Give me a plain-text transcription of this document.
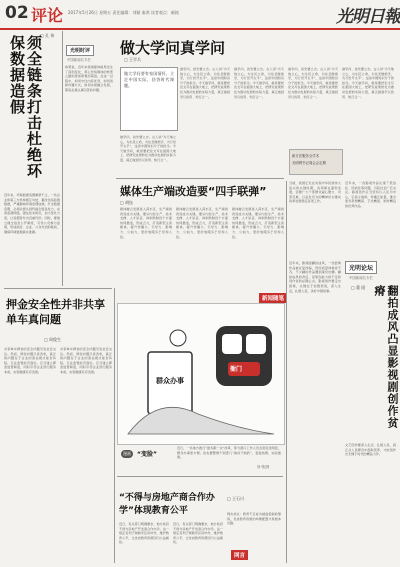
02 评论 2017年5月26日 星期五 责任编辑：刘颖 秦鸿 读者观点：邮箱	光明日報
□ 孔 伟
须全链条打击杜绝环保数据造假
近年来，环保数据造假屡禁不止，一些企业和第三方机构相互勾结，篡改伪造监测数据，严重影响环境治理成效。打击数据造假，必须从源头到终端全链条发力，完善监测网络，强化技术防范，加大惩处力度，让造假者付出沉重代价。同时，要建立健全信息公开制度，引导公众参与监督，形成政府、企业、公众共治的格局，确保环境数据真实准确。
光明时评
中国新闻名专栏
如果说，近年来我国媒体格局发生了深刻变化，那么传统媒体的转型之路则更加艰难而紧迫。在这一过程中，如何守住内容优势，如何创新传播方式，如何实现融合发展，都是必须认真回答的问题。
做大学问真学问
□ 王学兵
做大学问要有家国情怀，立足中国实际，回答时代课题。
做学问，首先要立志。古人讲“为天地立心，为生民立命，为往圣继绝学，为万世开太平”，这是中国知识分子的担当。今天做学问，就是要把论文写在祖国大地上，把研究成果转化为推动发展的实际力量，真正做到学以致用、知行合一。
做学问，首先要立志。古人讲“为天地立心，为生民立命，为往圣继绝学，为万世开太平”，这是中国知识分子的担当。今天做学问，就是要把论文写在祖国大地上，把研究成果转化为推动发展的实际力量，真正做到学以致用、知行合一。
做学问，首先要立志。古人讲“为天地立心，为生民立命，为往圣继绝学，为万世开太平”，这是中国知识分子的担当。今天做学问，就是要把论文写在祖国大地上，把研究成果转化为推动发展的实际力量，真正做到学以致用、知行合一。
做学问，首先要立志。古人讲“为天地立心，为生民立命，为往圣继绝学，为万世开太平”，这是中国知识分子的担当。今天做学问，就是要把论文写在祖国大地上，把研究成果转化为推动发展的实际力量，真正做到学以致用、知行合一。
做学问，首先要立志。古人讲“为天地立心，为生民立命，为往圣继绝学，为万世开太平”，这是中国知识分子的担当。今天做学问，就是要把论文写在祖国大地上，把研究成果转化为推动发展的实际力量，真正做到学以致用、知行合一。
媒体生产端改造要“四手联弹”
□ 胡钰
媒体融合发展进入深水区，生产端的改造成为关键。要从内容生产、技术支撑、人才队伍、体制机制四个方面协同推进，形成合力，打造新型主流媒体，提升传播力、引导力、影响力、公信力，更好地服务于党和人民。
媒体融合发展进入深水区，生产端的改造成为关键。要从内容生产、技术支撑、人才队伍、体制机制四个方面协同推进，形成合力，打造新型主流媒体，提升传播力、引导力、影响力、公信力，更好地服务于党和人民。
媒体融合发展进入深水区，生产端的改造成为关键。要从内容生产、技术支撑、人才队伍、体制机制四个方面协同推进，形成合力，打造新型主流媒体，提升传播力、引导力、影响力、公信力，更好地服务于党和人民。
押金安全性并非共享单车真问题
□ 周俊生
共享单车押金的安全问题引发社会关注。然而，押金问题只是表象，真正的问题在于企业的商业模式能否持续，行业监管能否到位。应当建立押金监管制度，同时引导企业回归服务本质，实现健康有序发展。
共享单车押金的安全问题引发社会关注。然而，押金问题只是表象，真正的问题在于企业的商业模式能否持续，行业监管能否到位。应当建立押金监管制度，同时引导企业回归服务本质，实现健康有序发展。
新闻随笔
群众办事
衙门
漫画	“变脸”
近日，一些地方推行“最多跑一次”改革，部分窗口工作人员态度变化明显，群众办事更方便。但也要警惕个别部门“换汤不换药”，表面热情，实际推诿。
徐 骏/图
“不得与房地产商合作办学”体现教育公平
□ 王石川
近日，有关部门明确要求，地方政府不得与房地产开发商合作办学。这一规定有利于遏制学区房炒作，维护教育公平，让优质教育资源回归公益属性。
近日，有关部门明确要求，地方政府不得与房地产开发商合作办学。这一规定有利于遏制学区房炒作，维护教育公平，让优质教育资源回归公益属性。
网言
网友热议：教育不应成为楼盘促销的筹码，优质教育资源的均衡配置才是根本出路。
当前，我国正处在实现中华民族伟大复兴的关键时期，各项事业蓬勃发展，需要广大干部群众凝心聚力、攻坚克难，以奋发有为的精神状态推动改革发展稳定各项工作。
新方法服务全学术
光明网书记周会会定期
近年来，一些影视作品出现了低俗化、同质化等问题，引起社会广泛关注。影视创作应当坚持以人民为中心，弘扬主旋律，传播正能量，推出更多思想精深、艺术精湛、制作精良的优秀作品。
光明论坛
中国新闻名专栏
翻拍成风凸显影视剧创作贫瘠
□ 董 阳
近年来，影视剧翻拍成风，一些经典作品被反复改编，然而质量却参差不齐，不少翻拍作品遭到观众吐槽。翻拍成风的背后，是原创能力的不足和创作者的浮躁心态。影视创作要走出困境，关键在于加强原创，深入生活，扎根人民，讲好中国故事。
文艺创作要深入生活、扎根人民，真正从人民群众中汲取营养，才能创作出无愧于时代的精品力作。
